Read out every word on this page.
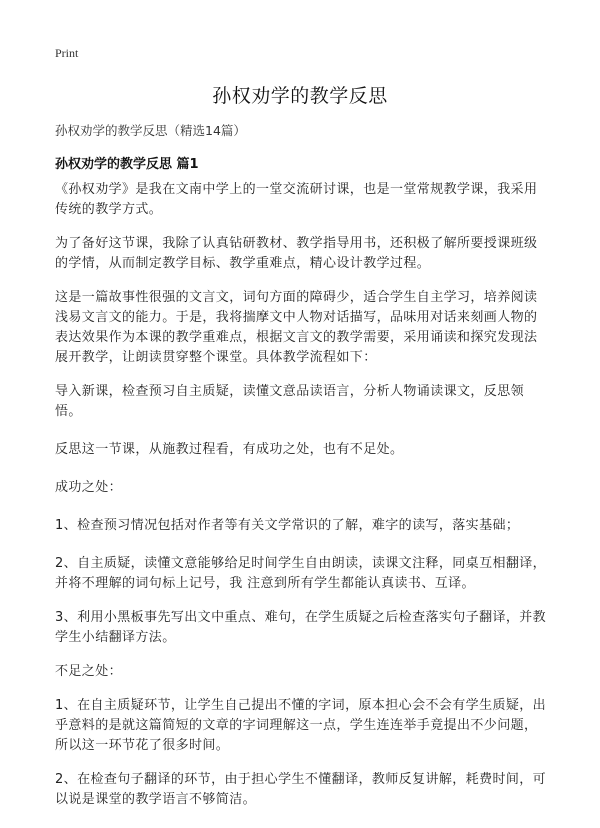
Print
孙权劝学的教学反思
孙权劝学的教学反思（精选14篇）
孙权劝学的教学反思 篇1

《孙权劝学》是我在文南中学上的一堂交流研讨课，也是一堂常规教学课，我采用传统的教学方式。

为了备好这节课，我除了认真钻研教材、教学指导用书，还积极了解所要授课班级的学情，从而制定教学目标、教学重难点，精心设计教学过程。

这是一篇故事性很强的文言文，词句方面的障碍少，适合学生自主学习，培养阅读浅易文言文的能力。于是，我将揣摩文中人物对话描写，品味用对话来刻画人物的表达效果作为本课的教学重难点，根据文言文的教学需要，采用诵读和探究发现法展开教学，让朗读贯穿整个课堂。具体教学流程如下：

导入新课，检查预习自主质疑，读懂文意品读语言，分析人物诵读课文，反思领悟。

反思这一节课，从施教过程看，有成功之处，也有不足处。

成功之处：

1、检查预习情况包括对作者等有关文学常识的了解，难字的读写，落实基础；

2、自主质疑，读懂文意能够给足时间学生自由朗读，读课文注释，同桌互相翻译，并将不理解的词句标上记号，我 注意到所有学生都能认真读书、互译。

3、利用小黑板事先写出文中重点、难句，在学生质疑之后检查落实句子翻译，并教学生小结翻译方法。

不足之处：

1、在自主质疑环节，让学生自己提出不懂的字词，原本担心会不会有学生质疑，出乎意料的是就这篇简短的文章的字词理解这一点，学生连连举手竟提出不少问题，所以这一环节花了很多时间。

2、在检查句子翻译的环节，由于担心学生不懂翻译，教师反复讲解，耗费时间，可以说是课堂的教学语言不够简洁。
